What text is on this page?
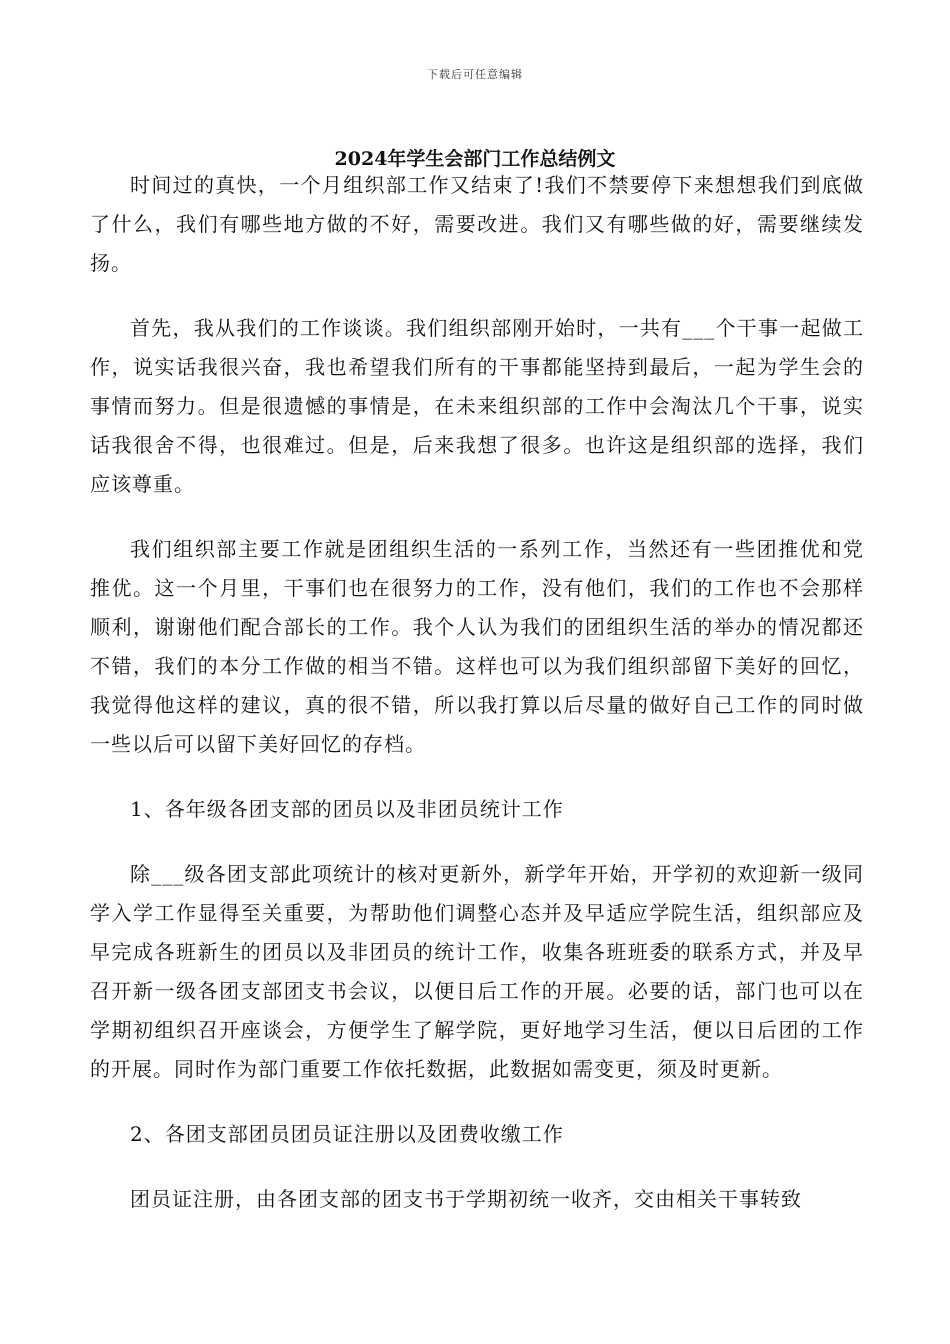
下载后可任意编辑
2024年学生会部门工作总结例文

时间过的真快，一个月组织部工作又结束了!我们不禁要停下来想想我们到底做了什么，我们有哪些地方做的不好，需要改进。我们又有哪些做的好，需要继续发扬。

首先，我从我们的工作谈谈。我们组织部刚开始时，一共有___个干事一起做工作，说实话我很兴奋，我也希望我们所有的干事都能坚持到最后，一起为学生会的事情而努力。但是很遗憾的事情是，在未来组织部的工作中会淘汰几个干事，说实话我很舍不得，也很难过。但是，后来我想了很多。也许这是组织部的选择，我们应该尊重。

我们组织部主要工作就是团组织生活的一系列工作，当然还有一些团推优和党推优。这一个月里，干事们也在很努力的工作，没有他们，我们的工作也不会那样顺利，谢谢他们配合部长的工作。我个人认为我们的团组织生活的举办的情况都还不错，我们的本分工作做的相当不错。这样也可以为我们组织部留下美好的回忆，我觉得他这样的建议，真的很不错，所以我打算以后尽量的做好自己工作的同时做一些以后可以留下美好回忆的存档。

1、各年级各团支部的团员以及非团员统计工作

除___级各团支部此项统计的核对更新外，新学年开始，开学初的欢迎新一级同学入学工作显得至关重要，为帮助他们调整心态并及早适应学院生活，组织部应及早完成各班新生的团员以及非团员的统计工作，收集各班班委的联系方式，并及早召开新一级各团支部团支书会议，以便日后工作的开展。必要的话，部门也可以在学期初组织召开座谈会，方便学生了解学院，更好地学习生活，便以日后团的工作的开展。同时作为部门重要工作依托数据，此数据如需变更，须及时更新。

2、各团支部团员团员证注册以及团费收缴工作

团员证注册，由各团支部的团支书于学期初统一收齐，交由相关干事转致
